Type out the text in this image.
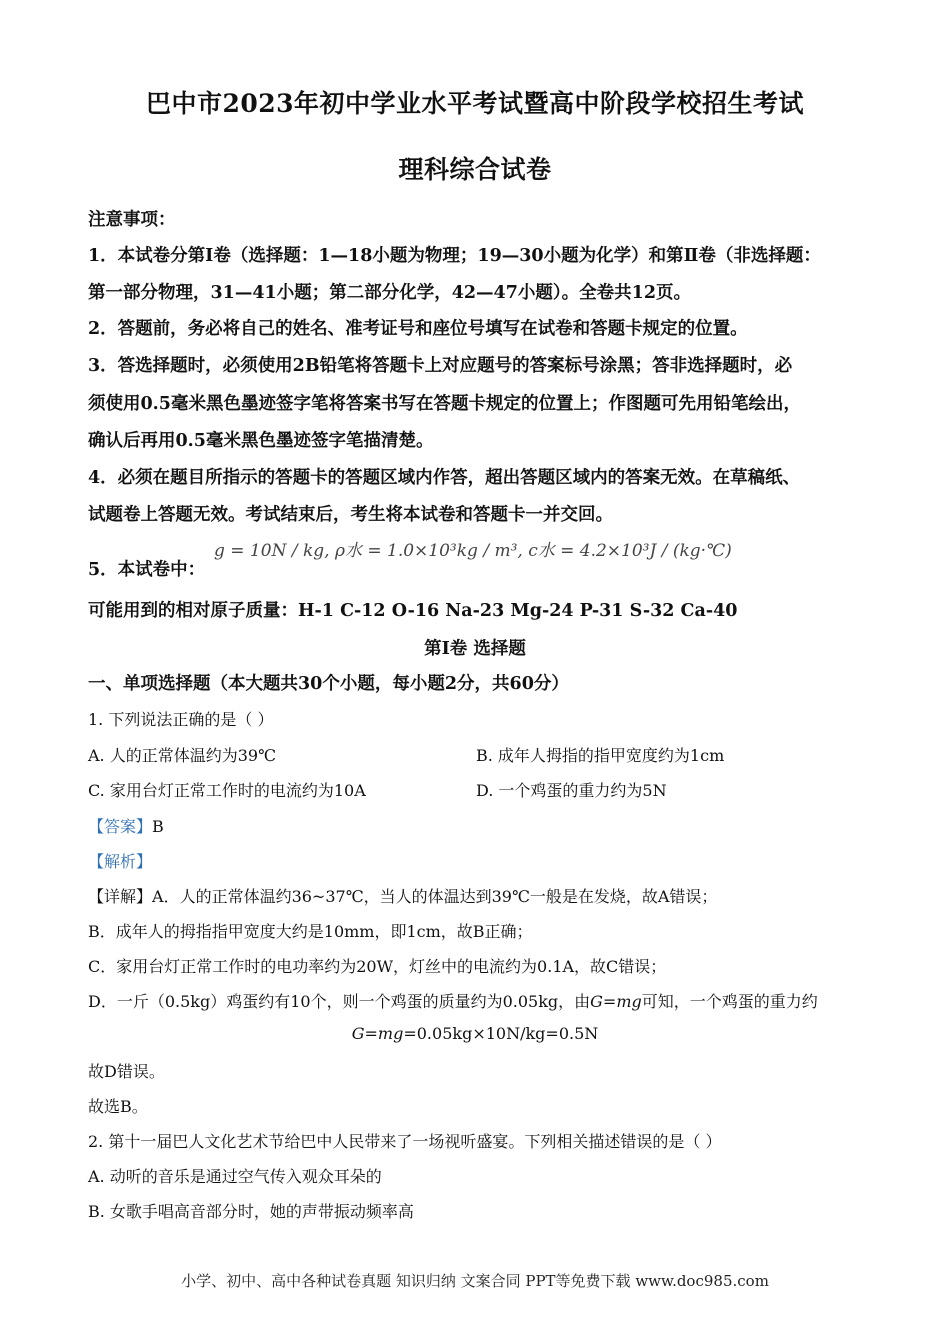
巴中市2023年初中学业水平考试暨高中阶段学校招生考试
理科综合试卷
注意事项：
1．本试卷分第Ⅰ卷（选择题：1—18小题为物理；19—30小题为化学）和第Ⅱ卷（非选择题：
第一部分物理，31—41小题；第二部分化学，42—47小题）。全卷共12页。
2．答题前，务必将自己的姓名、准考证号和座位号填写在试卷和答题卡规定的位置。
3．答选择题时，必须使用2B铅笔将答题卡上对应题号的答案标号涂黑；答非选择题时，必
须使用0.5毫米黑色墨迹签字笔将答案书写在答题卡规定的位置上；作图题可先用铅笔绘出，
确认后再用0.5毫米黑色墨迹签字笔描清楚。
4．必须在题目所指示的答题卡的答题区域内作答，超出答题区域内的答案无效。在草稿纸、
试题卷上答题无效。考试结束后，考生将本试卷和答题卡一并交回。
5．本试卷中：
g = 10N / kg, ρ水 = 1.0×10³kg / m³, c水 = 4.2×10³J / (kg·℃)
可能用到的相对原子质量：H-1 C-12 O-16 Na-23 Mg-24 P-31 S-32 Ca-40
第Ⅰ卷 选择题
一、单项选择题（本大题共30个小题，每小题2分，共60分）
1. 下列说法正确的是（ ）
A. 人的正常体温约为39℃	B. 成年人拇指的指甲宽度约为1cm
C. 家用台灯正常工作时的电流约为10A	D. 一个鸡蛋的重力约为5N
【答案】B
【解析】
【详解】A．人的正常体温约36~37℃，当人的体温达到39℃一般是在发烧，故A错误；
B．成年人的拇指指甲宽度大约是10mm，即1cm，故B正确；
C．家用台灯正常工作时的电功率约为20W，灯丝中的电流约为0.1A，故C错误；
D．一斤（0.5kg）鸡蛋约有10个，则一个鸡蛋的质量约为0.05kg，由G=mg可知，一个鸡蛋的重力约
G=mg=0.05kg×10N/kg=0.5N
故D错误。
故选B。
2. 第十一届巴人文化艺术节给巴中人民带来了一场视听盛宴。下列相关描述错误的是（ ）
A. 动听的音乐是通过空气传入观众耳朵的
B. 女歌手唱高音部分时，她的声带振动频率高
小学、初中、高中各种试卷真题 知识归纳 文案合同 PPT等免费下载 www.doc985.com
